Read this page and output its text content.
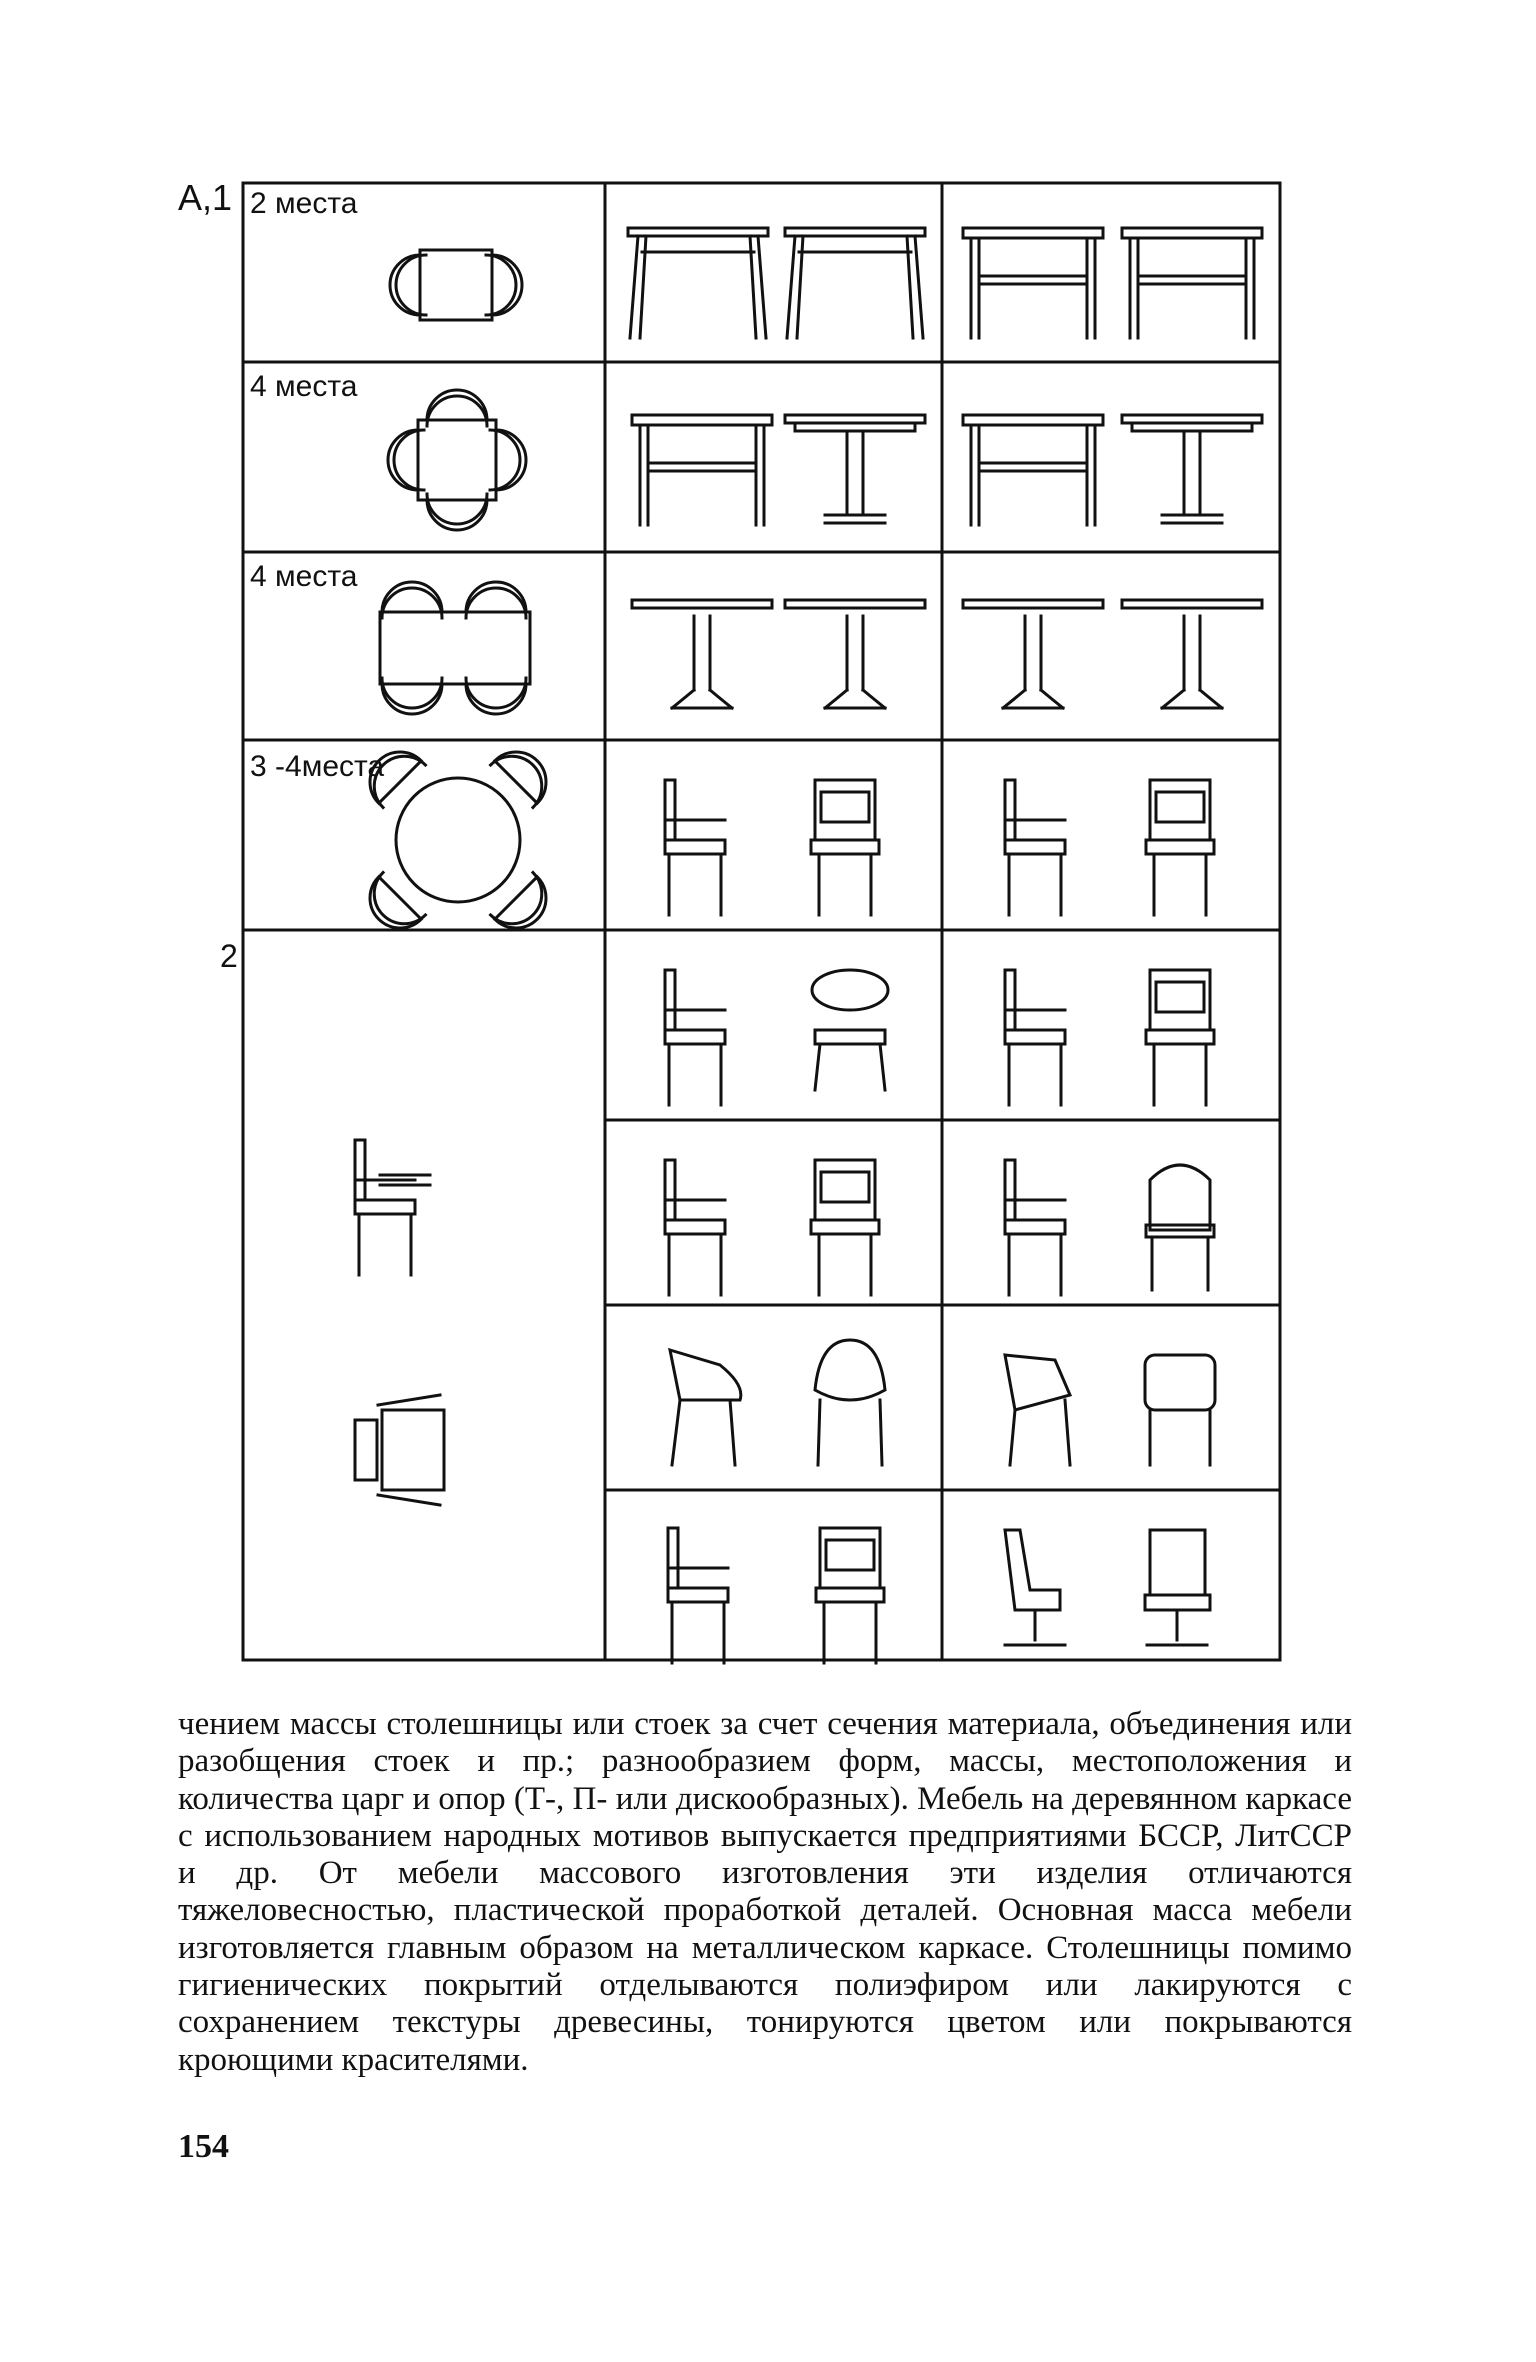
А,1
2
2 места
4 места
4 места
3 -4места

чением массы столешницы или стоек за счет сечения материала, объединения или разобщения стоек и пр.; разнообразием форм, массы, местоположения и количества царг и опор (Т-, П- или дискообразных). Мебель на деревянном каркасе с использованием народных мотивов выпускается предприятиями БССР, ЛитССР и др. От мебели массового изготовления эти изделия отличаются тяжеловесностью, пластической проработкой деталей. Основная масса мебели изготовляется главным образом на металлическом каркасе. Столешницы помимо гигиенических покрытий отделываются полиэфиром или лакируются с сохранением текстуры древесины, тонируются цветом или покрываются кроющими красителями.

154
